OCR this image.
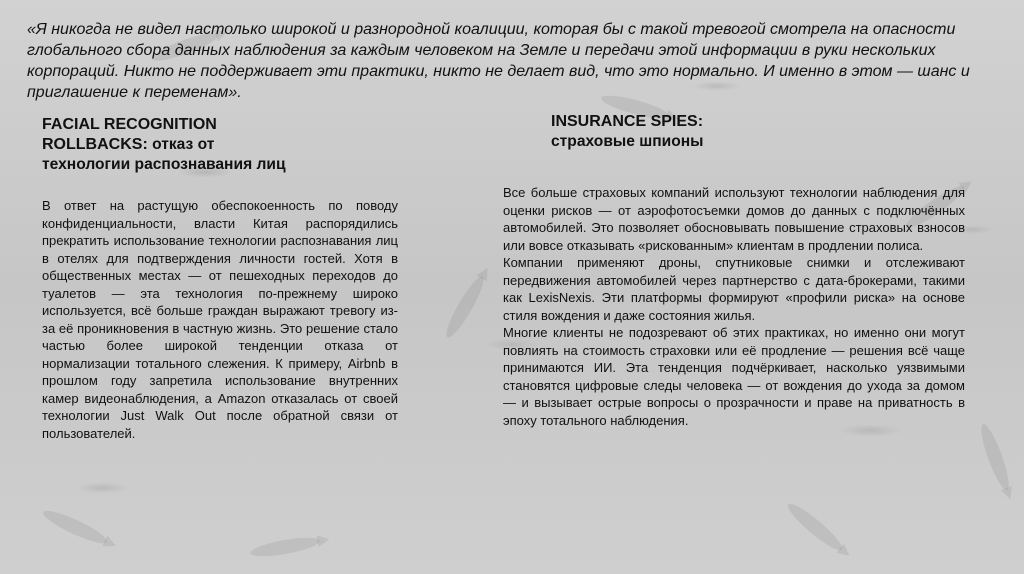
«Я никогда не видел настолько широкой и разнородной коалиции, которая бы с такой тревогой смотрела на опасности глобального сбора данных наблюдения за каждым человеком на Земле и передачи этой информации в руки нескольких корпораций. Никто не поддерживает эти практики, никто не делает вид, что это нормально. И именно в этом — шанс и приглашение к переменам».

FACIAL RECOGNITION
ROLLBACKS: отказ от
технологии распознавания лиц

В ответ на растущую обеспокоенность по поводу конфиденциальности, власти Китая распорядились прекратить использование технологии распознавания лиц в отелях для подтверждения личности гостей. Хотя в общественных местах — от пешеходных переходов до туалетов — эта технология по-прежнему широко используется, всё больше граждан выражают тревогу из-за её проникновения в частную жизнь. Это решение стало частью более широкой тенденции отказа от нормализации тотального слежения. К примеру, Airbnb в прошлом году запретила использование внутренних камер видеонаблюдения, а Amazon отказалась от своей технологии Just Walk Out после обратной связи от пользователей.

INSURANCE SPIES:
страховые шпионы
Все больше страховых компаний используют технологии наблюдения для оценки рисков — от аэрофотосъемки домов до данных с подключённых автомобилей. Это позволяет обосновывать повышение страховых взносов или вовсе отказывать «рискованным» клиентам в продлении полиса.
Компании применяют дроны, спутниковые снимки и отслеживают передвижения автомобилей через партнерство с дата-брокерами, такими как LexisNexis. Эти платформы формируют «профили риска» на основе стиля вождения и даже состояния жилья.
Многие клиенты не подозревают об этих практиках, но именно они могут повлиять на стоимость страховки или её продление — решения всё чаще принимаются ИИ. Эта тенденция подчёркивает, насколько уязвимыми становятся цифровые следы человека — от вождения до ухода за домом — и вызывает острые вопросы о прозрачности и праве на приватность в эпоху тотального наблюдения.
